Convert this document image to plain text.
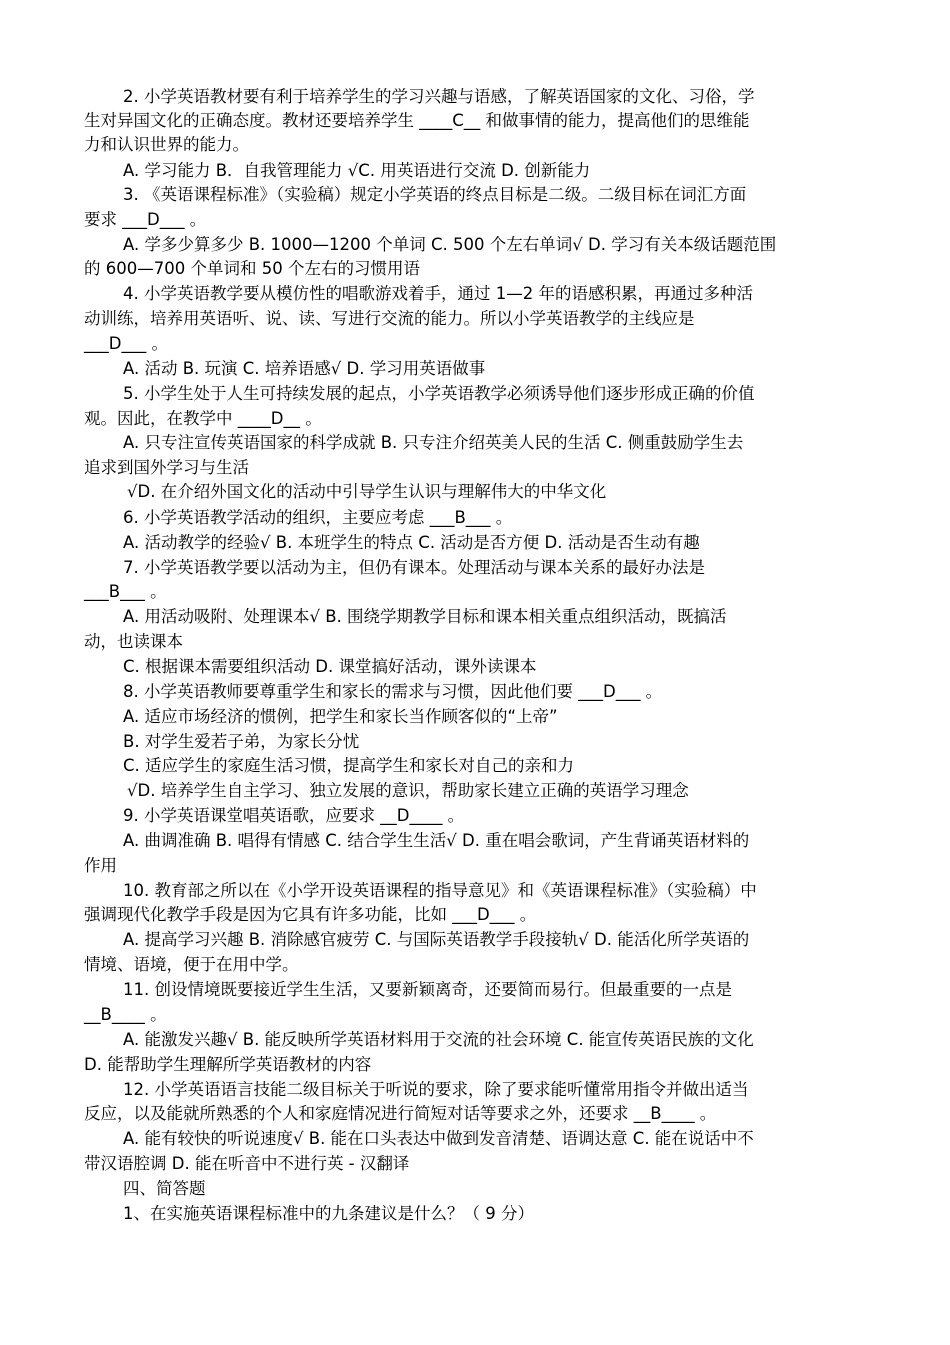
2. 小学英语教材要有利于培养学生的学习兴趣与语感，了解英语国家的文化、习俗，学
生对异国文化的正确态度。教材还要培养学生 ____C__ 和做事情的能力，提高他们的思维能
力和认识世界的能力。
A. 学习能力 B．自我管理能力 √C. 用英语进行交流 D. 创新能力
3. 《英语课程标准》（实验稿）规定小学英语的终点目标是二级。二级目标在词汇方面
要求 ___D___ 。
A. 学多少算多少 B. 1000—1200 个单词 C. 500 个左右单词√ D. 学习有关本级话题范围
的 600—700 个单词和 50 个左右的习惯用语
4. 小学英语教学要从模仿性的唱歌游戏着手，通过 1—2 年的语感积累，再通过多种活
动训练，培养用英语听、说、读、写进行交流的能力。所以小学英语教学的主线应是
___D___ 。
A. 活动 B. 玩演 C. 培养语感√ D. 学习用英语做事
5. 小学生处于人生可持续发展的起点，小学英语教学必须诱导他们逐步形成正确的价值
观。因此，在教学中 ____D__ 。
A. 只专注宣传英语国家的科学成就 B. 只专注介绍英美人民的生活 C. 侧重鼓励学生去
追求到国外学习与生活
√D. 在介绍外国文化的活动中引导学生认识与理解伟大的中华文化
6. 小学英语教学活动的组织，主要应考虑 ___B___ 。
A. 活动教学的经验√ B. 本班学生的特点 C. 活动是否方便 D. 活动是否生动有趣
7. 小学英语教学要以活动为主，但仍有课本。处理活动与课本关系的最好办法是
___B___ 。
A. 用活动吸附、处理课本√ B. 围绕学期教学目标和课本相关重点组织活动，既搞活
动，也读课本
C. 根据课本需要组织活动 D. 课堂搞好活动，课外读课本
8. 小学英语教师要尊重学生和家长的需求与习惯，因此他们要 ___D___ 。
A. 适应市场经济的惯例，把学生和家长当作顾客似的“上帝”
B. 对学生爱若子弟，为家长分忧
C. 适应学生的家庭生活习惯，提高学生和家长对自己的亲和力
√D. 培养学生自主学习、独立发展的意识，帮助家长建立正确的英语学习理念
9. 小学英语课堂唱英语歌，应要求 __D____ 。
A. 曲调准确 B. 唱得有情感 C. 结合学生生活√ D. 重在唱会歌词，产生背诵英语材料的
作用
10. 教育部之所以在《小学开设英语课程的指导意见》和《英语课程标准》（实验稿）中
强调现代化教学手段是因为它具有许多功能，比如 ___D___ 。
A. 提高学习兴趣 B. 消除感官疲劳 C. 与国际英语教学手段接轨√ D. 能活化所学英语的
情境、语境，便于在用中学。
11. 创设情境既要接近学生生活，又要新颖离奇，还要简而易行。但最重要的一点是
__B____ 。
A. 能激发兴趣√ B. 能反映所学英语材料用于交流的社会环境 C. 能宣传英语民族的文化
D. 能帮助学生理解所学英语教材的内容
12. 小学英语语言技能二级目标关于听说的要求，除了要求能听懂常用指令并做出适当
反应，以及能就所熟悉的个人和家庭情况进行简短对话等要求之外，还要求 __B____ 。
A. 能有较快的听说速度√ B. 能在口头表达中做到发音清楚、语调达意 C. 能在说话中不
带汉语腔调 D. 能在听音中不进行英 - 汉翻译
四、简答题
1、在实施英语课程标准中的九条建议是什么？（ 9 分）
